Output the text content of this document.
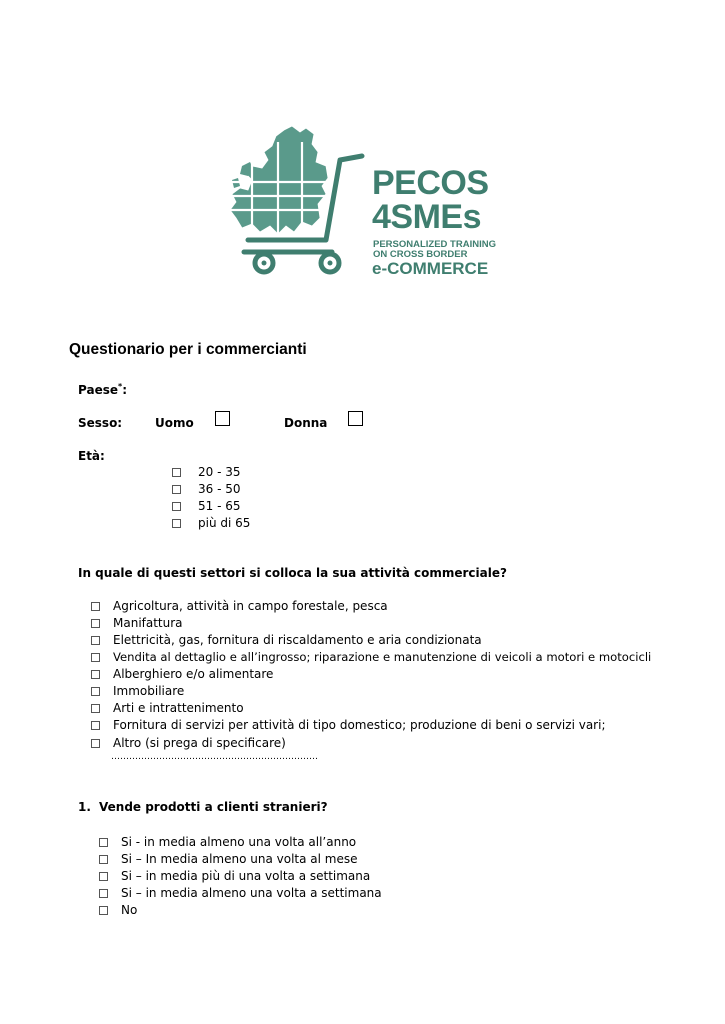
PECOS
4SMEs
PERSONALIZED TRAINING
ON CROSS BORDER
e-COMMERCE
Questionario per i commercianti
Paese*:
Sesso:	Uomo	Donna
Età:
20 - 35
36 - 50
51 - 65
più di 65
In quale di questi settori si colloca la sua attività commerciale?
Agricoltura, attività in campo forestale, pesca
Manifattura
Elettricità, gas, fornitura di riscaldamento e aria condizionata
Vendita al dettaglio e all’ingrosso; riparazione e manutenzione di veicoli a motori e motocicli
Alberghiero e/o alimentare
Immobiliare
Arti e intrattenimento
Fornitura di servizi per attività di tipo domestico; produzione di beni o servizi vari;
Altro (si prega di specificare)
……………………………………………………………
1. Vende prodotti a clienti stranieri?
Si - in media almeno una volta all’anno
Si – In media almeno una volta al mese
Si – in media più di una volta a settimana
Si – in media almeno una volta a settimana
No
